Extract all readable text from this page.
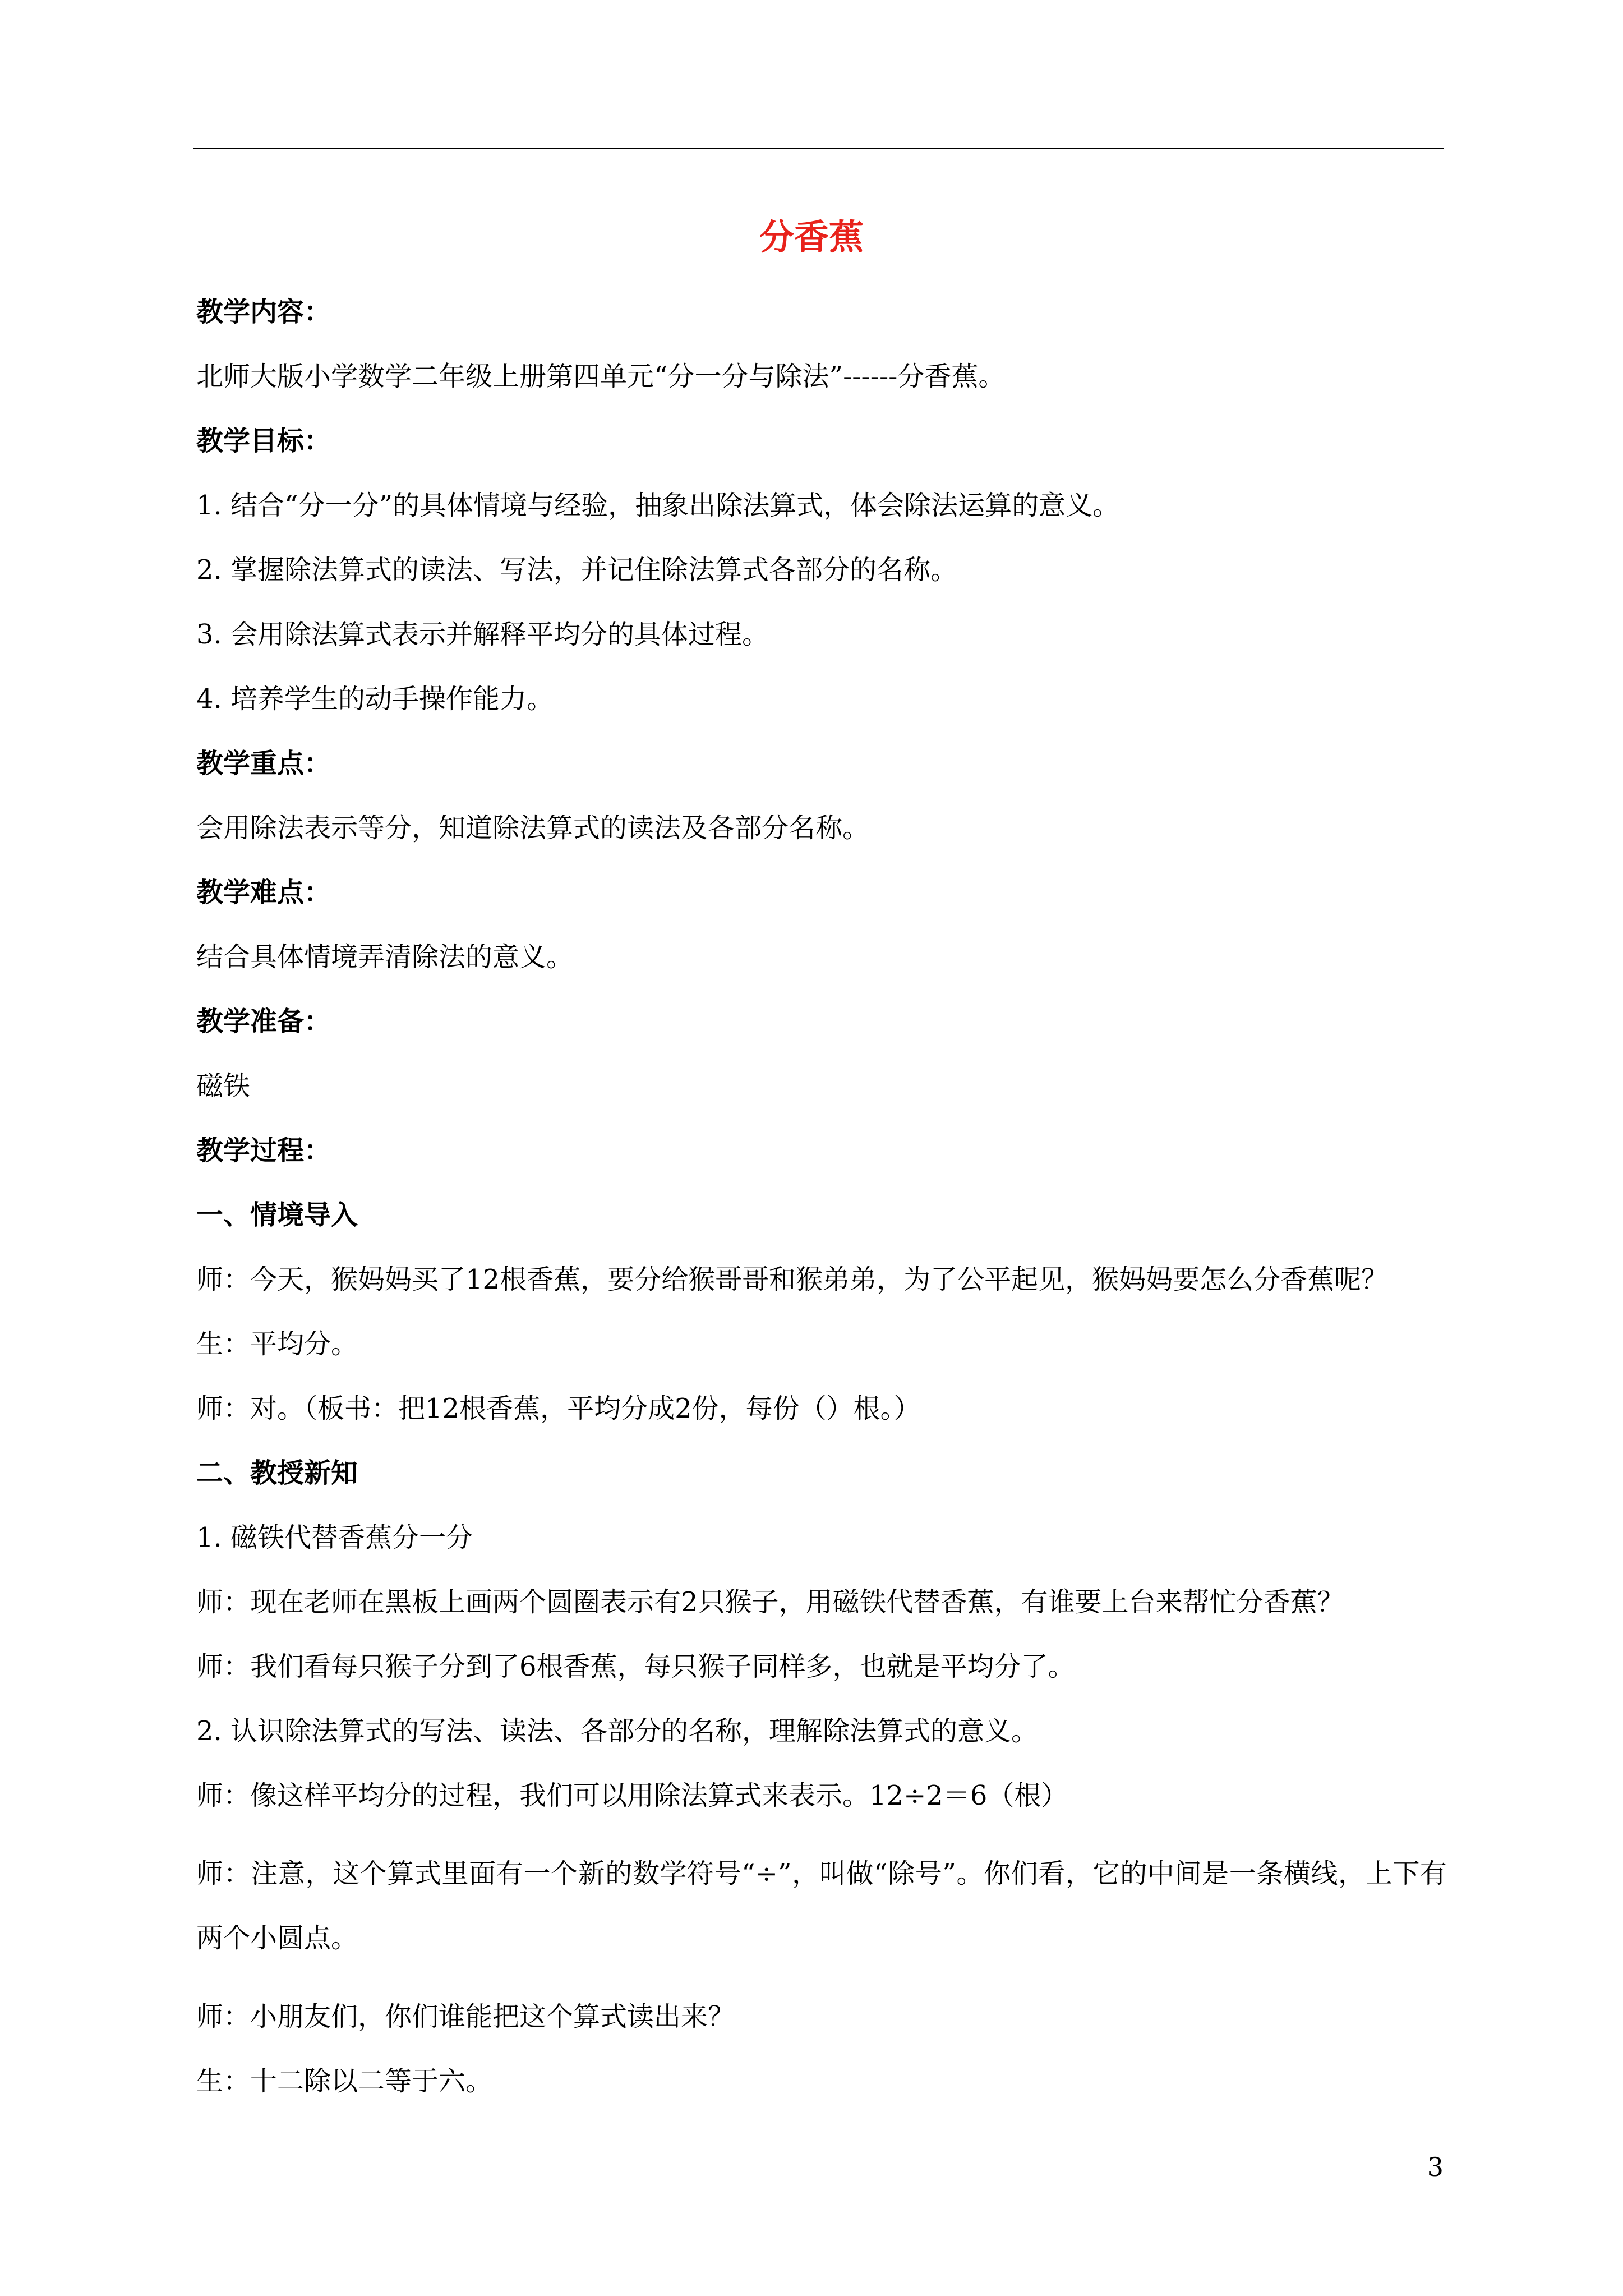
分香蕉

教学内容：

北师大版小学数学二年级上册第四单元“分一分与除法”------分香蕉。

教学目标：

1. 结合“分一分”的具体情境与经验，抽象出除法算式，体会除法运算的意义。

2. 掌握除法算式的读法、写法，并记住除法算式各部分的名称。

3. 会用除法算式表示并解释平均分的具体过程。

4. 培养学生的动手操作能力。

教学重点：

会用除法表示等分，知道除法算式的读法及各部分名称。

教学难点：

结合具体情境弄清除法的意义。

教学准备：

磁铁

教学过程：

一、情境导入

师：今天，猴妈妈买了12根香蕉，要分给猴哥哥和猴弟弟，为了公平起见，猴妈妈要怎么分香蕉呢？

生：平均分。

师：对。（板书：把12根香蕉，平均分成2份，每份（）根。）

二、教授新知

1. 磁铁代替香蕉分一分

师：现在老师在黑板上画两个圆圈表示有2只猴子，用磁铁代替香蕉，有谁要上台来帮忙分香蕉？

师：我们看每只猴子分到了6根香蕉，每只猴子同样多，也就是平均分了。

2. 认识除法算式的写法、读法、各部分的名称，理解除法算式的意义。

师：像这样平均分的过程，我们可以用除法算式来表示。12÷2＝6（根）

师：注意，这个算式里面有一个新的数学符号“÷”，叫做“除号”。你们看，它的中间是一条横线，上下有两个小圆点。

师：小朋友们，你们谁能把这个算式读出来？

生：十二除以二等于六。

3
